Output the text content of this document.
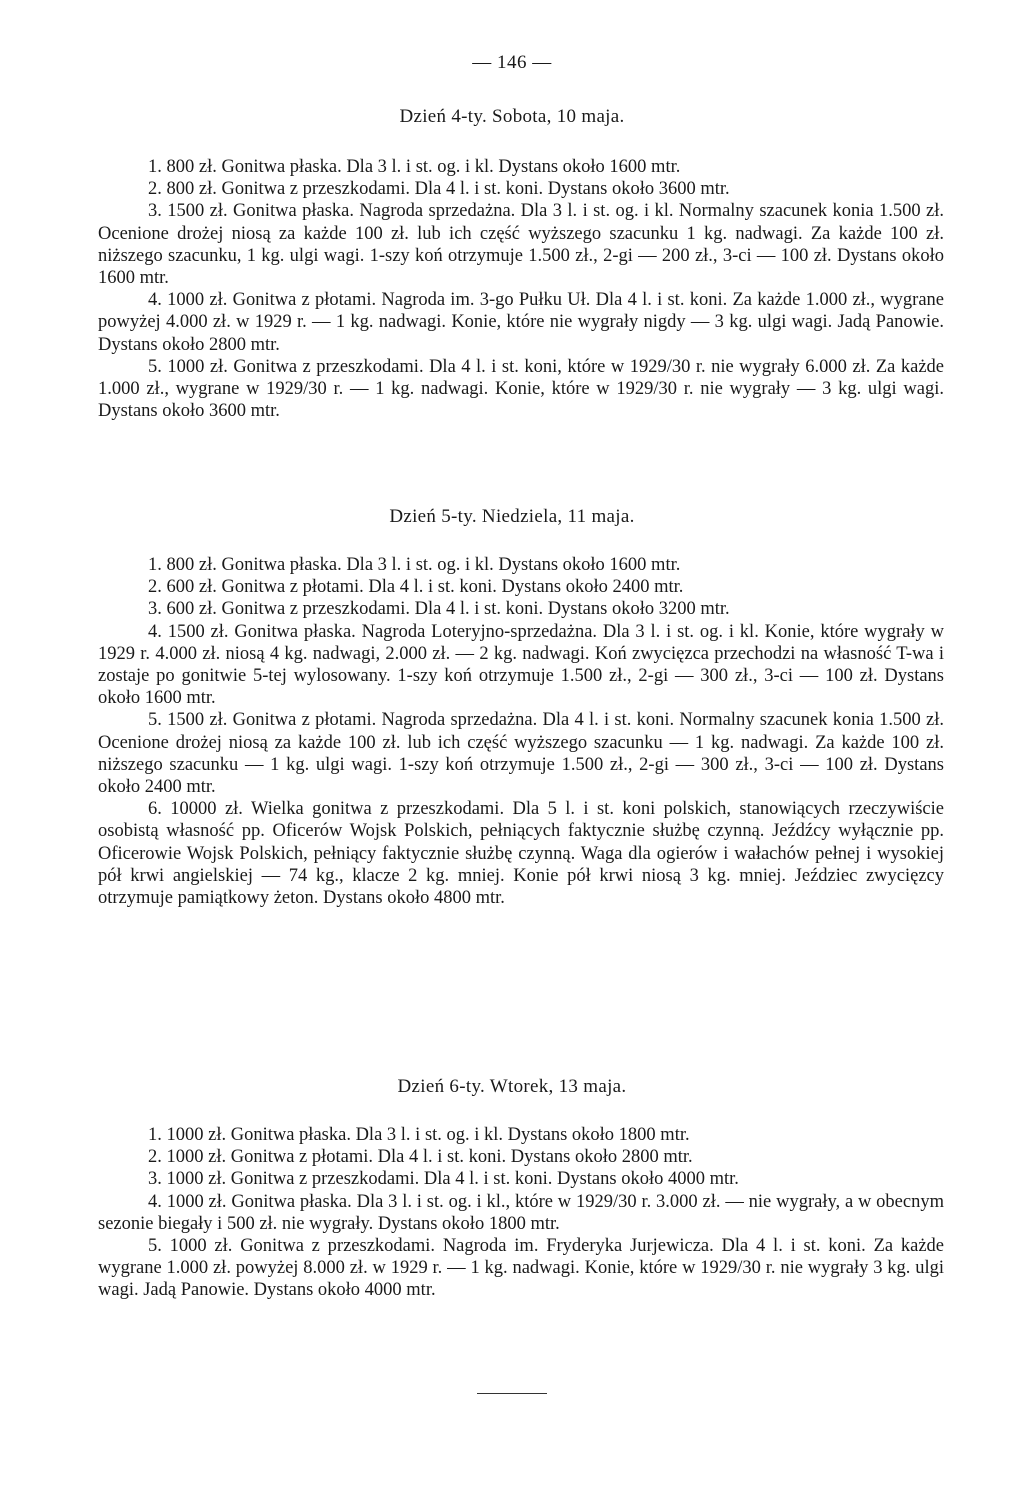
— 146 —
Dzień 4-ty. Sobota, 10 maja.

1. 800 zł. Gonitwa płaska. Dla 3 l. i st. og. i kl. Dystans około 1600 mtr.

2. 800 zł. Gonitwa z przeszkodami. Dla 4 l. i st. koni. Dystans około 3600 mtr.

3. 1500 zł. Gonitwa płaska. Nagroda sprzedażna. Dla 3 l. i st. og. i kl. Normalny szacunek konia 1.500 zł. Ocenione drożej niosą za każde 100 zł. lub ich część wyższego szacunku 1 kg. nadwagi. Za każde 100 zł. niższego szacunku, 1 kg. ulgi wagi. 1-szy koń otrzymuje 1.500 zł., 2-gi — 200 zł., 3-ci — 100 zł. Dystans około 1600 mtr.

4. 1000 zł. Gonitwa z płotami. Nagroda im. 3-go Pułku Uł. Dla 4 l. i st. koni. Za każde 1.000 zł., wygrane powyżej 4.000 zł. w 1929 r. — 1 kg. nadwagi. Konie, które nie wygrały nigdy — 3 kg. ulgi wagi. Jadą Panowie. Dystans około 2800 mtr.

5. 1000 zł. Gonitwa z przeszkodami. Dla 4 l. i st. koni, które w 1929/30 r. nie wygrały 6.000 zł. Za każde 1.000 zł., wygrane w 1929/30 r. — 1 kg. nadwagi. Konie, które w 1929/30 r. nie wygrały — 3 kg. ulgi wagi. Dystans około 3600 mtr.

Dzień 5-ty. Niedziela, 11 maja.

1. 800 zł. Gonitwa płaska. Dla 3 l. i st. og. i kl. Dystans około 1600 mtr.

2. 600 zł. Gonitwa z płotami. Dla 4 l. i st. koni. Dystans około 2400 mtr.

3. 600 zł. Gonitwa z przeszkodami. Dla 4 l. i st. koni. Dystans około 3200 mtr.

4. 1500 zł. Gonitwa płaska. Nagroda Loteryjno-sprzedażna. Dla 3 l. i st. og. i kl. Konie, które wygrały w 1929 r. 4.000 zł. niosą 4 kg. nadwagi, 2.000 zł. — 2 kg. nadwagi. Koń zwycięzca przechodzi na własność T-wa i zostaje po gonitwie 5-tej wylosowany. 1-szy koń otrzymuje 1.500 zł., 2-gi — 300 zł., 3-ci — 100 zł. Dystans około 1600 mtr.

5. 1500 zł. Gonitwa z płotami. Nagroda sprzedażna. Dla 4 l. i st. koni. Normalny szacunek konia 1.500 zł. Ocenione drożej niosą za każde 100 zł. lub ich część wyższego szacunku — 1 kg. nadwagi. Za każde 100 zł. niższego szacunku — 1 kg. ulgi wagi. 1-szy koń otrzymuje 1.500 zł., 2-gi — 300 zł., 3-ci — 100 zł. Dystans około 2400 mtr.

6. 10000 zł. Wielka gonitwa z przeszkodami. Dla 5 l. i st. koni polskich, stanowiących rzeczywiście osobistą własność pp. Oficerów Wojsk Polskich, pełniących faktycznie służbę czynną. Jeźdźcy wyłącznie pp. Oficerowie Wojsk Polskich, pełniący faktycznie służbę czynną. Waga dla ogierów i wałachów pełnej i wysokiej pół krwi angielskiej — 74 kg., klacze 2 kg. mniej. Konie pół krwi niosą 3 kg. mniej. Jeździec zwycięzcy otrzymuje pamiątkowy żeton. Dystans około 4800 mtr.

Dzień 6-ty. Wtorek, 13 maja.

1. 1000 zł. Gonitwa płaska. Dla 3 l. i st. og. i kl. Dystans około 1800 mtr.

2. 1000 zł. Gonitwa z płotami. Dla 4 l. i st. koni. Dystans około 2800 mtr.

3. 1000 zł. Gonitwa z przeszkodami. Dla 4 l. i st. koni. Dystans około 4000 mtr.

4. 1000 zł. Gonitwa płaska. Dla 3 l. i st. og. i kl., które w 1929/30 r. 3.000 zł. — nie wygrały, a w obecnym sezonie biegały i 500 zł. nie wygrały. Dystans około 1800 mtr.

5. 1000 zł. Gonitwa z przeszkodami. Nagroda im. Fryderyka Jurjewicza. Dla 4 l. i st. koni. Za każde wygrane 1.000 zł. powyżej 8.000 zł. w 1929 r. — 1 kg. nadwagi. Konie, które w 1929/30 r. nie wygrały 3 kg. ulgi wagi. Jadą Panowie. Dystans około 4000 mtr.
